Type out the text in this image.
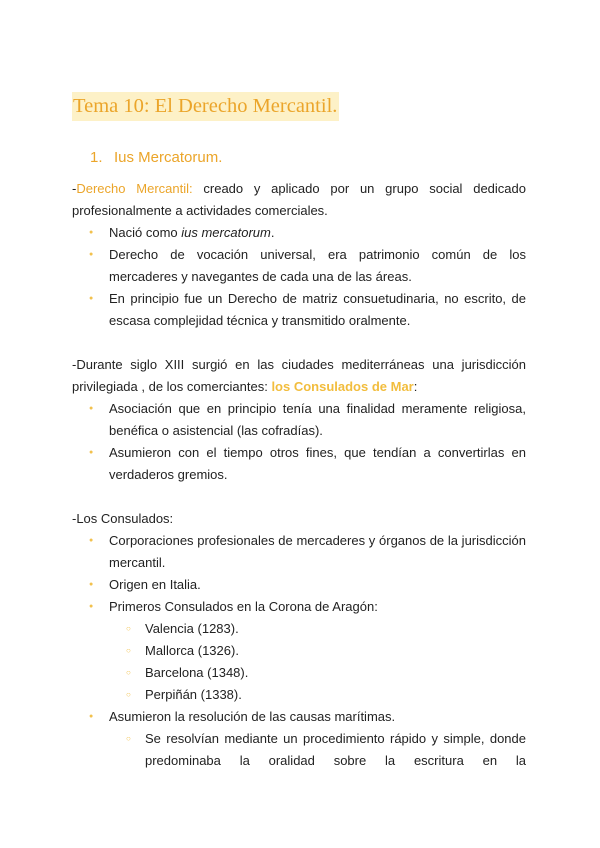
Tema 10: El Derecho Mercantil.
1. Ius Mercatorum.
-Derecho Mercantil: creado y aplicado por un grupo social dedicado profesionalmente a actividades comerciales.
● Nació como ius mercatorum.
● Derecho de vocación universal, era patrimonio común de los mercaderes y navegantes de cada una de las áreas.
● En principio fue un Derecho de matriz consuetudinaria, no escrito, de escasa complejidad técnica y transmitido oralmente.
-Durante siglo XIII surgió en las ciudades mediterráneas una jurisdicción privilegiada , de los comerciantes: los Consulados de Mar:
● Asociación que en principio tenía una finalidad meramente religiosa, benéfica o asistencial (las cofradías).
● Asumieron con el tiempo otros fines, que tendían a convertirlas en verdaderos gremios.
-Los Consulados:
● Corporaciones profesionales de mercaderes y órganos de la jurisdicción mercantil.
● Origen en Italia.
● Primeros Consulados en la Corona de Aragón:
○ Valencia (1283).
○ Mallorca (1326).
○ Barcelona (1348).
○ Perpiñán (1338).
● Asumieron la resolución de las causas marítimas.
○ Se resolvían mediante un procedimiento rápido y simple, donde predominaba la oralidad sobre la escritura en la
